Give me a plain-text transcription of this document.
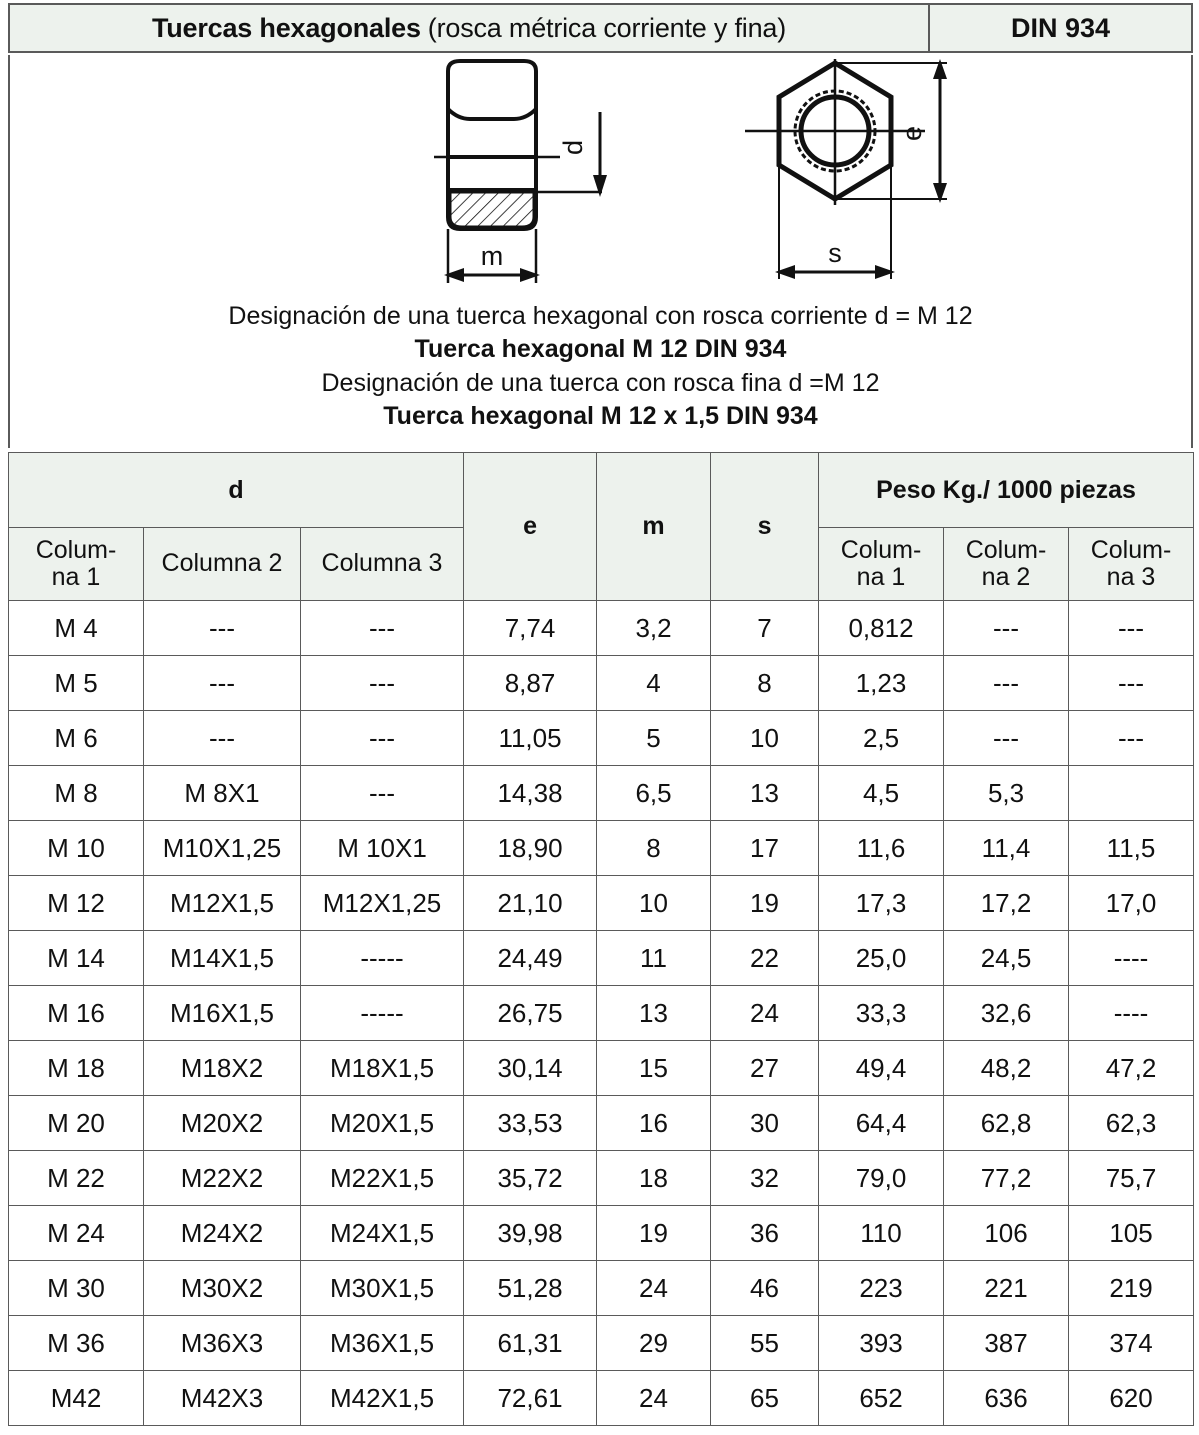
Tuercas hexagonales (rosca métrica corriente y fina)	DIN 934
d
m
e
s
Designación de una tuerca hexagonal con rosca corriente d = M 12
Tuerca hexagonal M 12 DIN 934
Designación de una tuerca con rosca fina d =M 12
Tuerca hexagonal M 12 x 1,5 DIN 934
d			e	m	s	Peso Kg./ 1000 piezas		
Colum-
na 1	Columna 2	Columna 3				Colum-
na 1	Colum-
na 2	Colum-
na 3
M 4	---	---	7,74	3,2	7	0,812	---	---
M 5	---	---	8,87	4	8	1,23	---	---
M 6	---	---	11,05	5	10	2,5	---	---
M 8	M 8X1	---	14,38	6,5	13	4,5	5,3	
M 10	M10X1,25	M 10X1	18,90	8	17	11,6	11,4	11,5
M 12	M12X1,5	M12X1,25	21,10	10	19	17,3	17,2	17,0
M 14	M14X1,5	-----	24,49	11	22	25,0	24,5	----
M 16	M16X1,5	-----	26,75	13	24	33,3	32,6	----
M 18	M18X2	M18X1,5	30,14	15	27	49,4	48,2	47,2
M 20	M20X2	M20X1,5	33,53	16	30	64,4	62,8	62,3
M 22	M22X2	M22X1,5	35,72	18	32	79,0	77,2	75,7
M 24	M24X2	M24X1,5	39,98	19	36	110	106	105
M 30	M30X2	M30X1,5	51,28	24	46	223	221	219
M 36	M36X3	M36X1,5	61,31	29	55	393	387	374
M42	M42X3	M42X1,5	72,61	24	65	652	636	620
